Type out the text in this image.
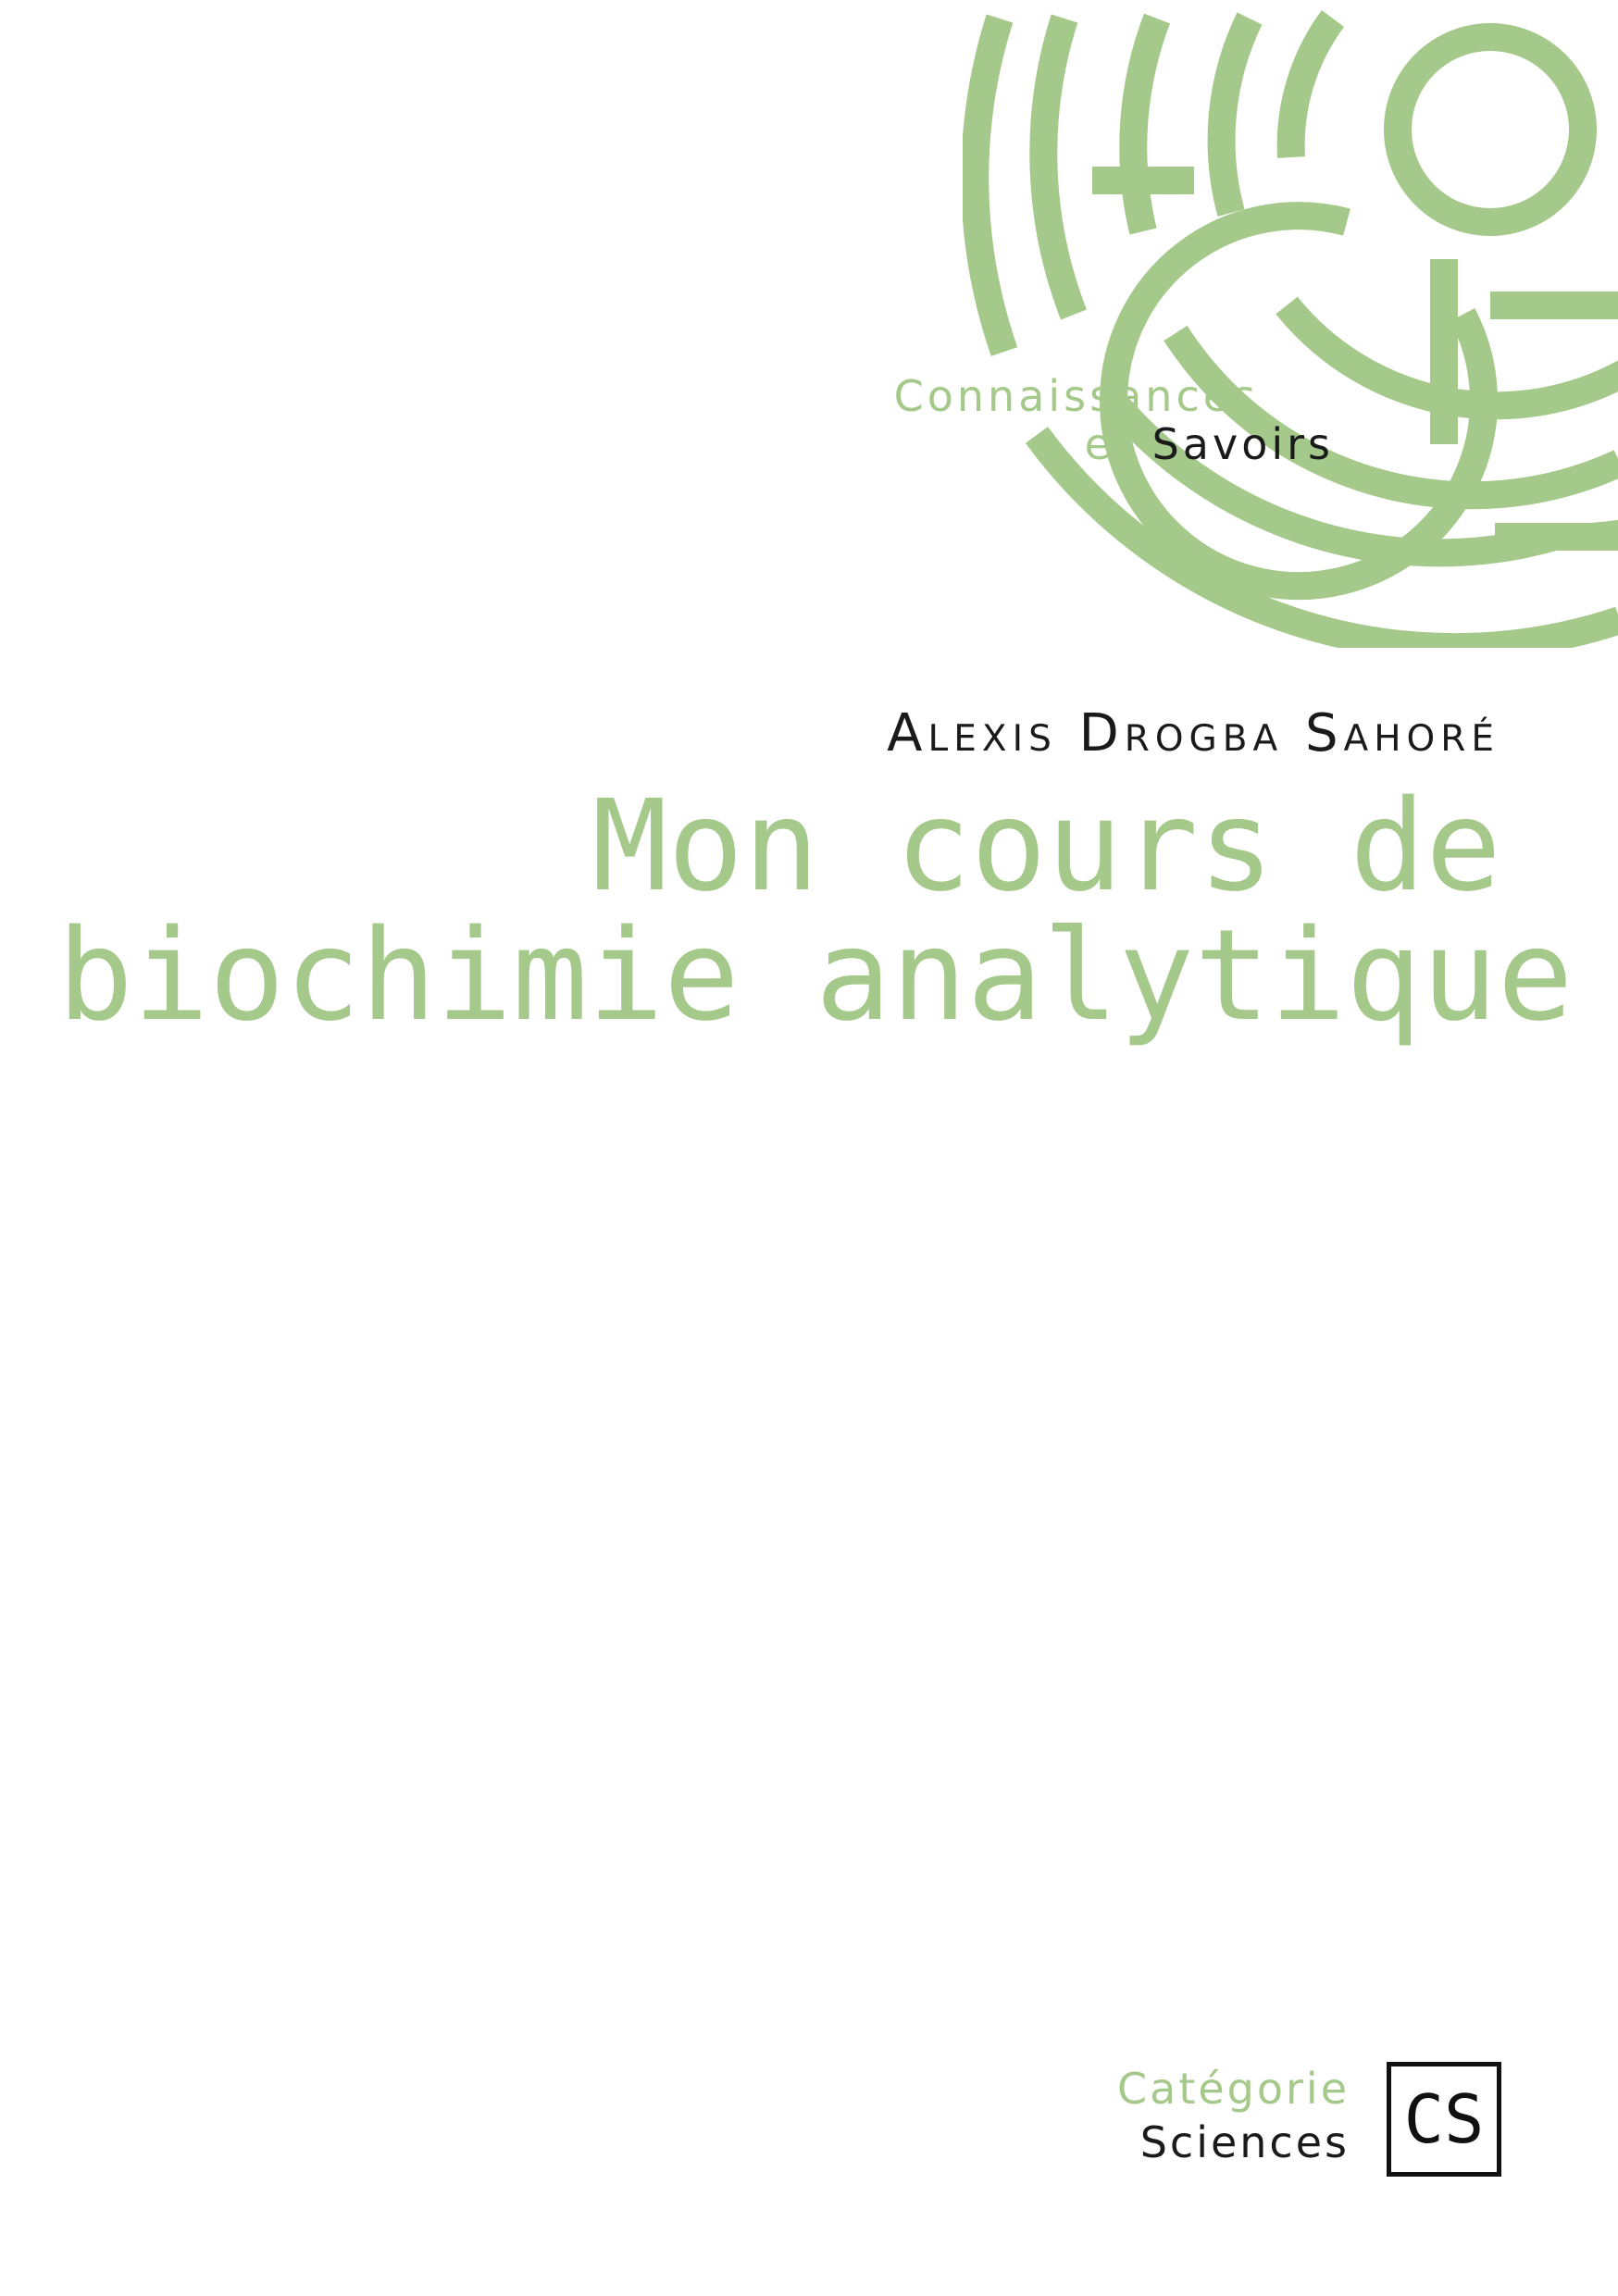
Connaissances
et Savoirs
Alexis Drogba Sahoré
Mon cours de
biochimie analytique
Catégorie
Sciences CS
